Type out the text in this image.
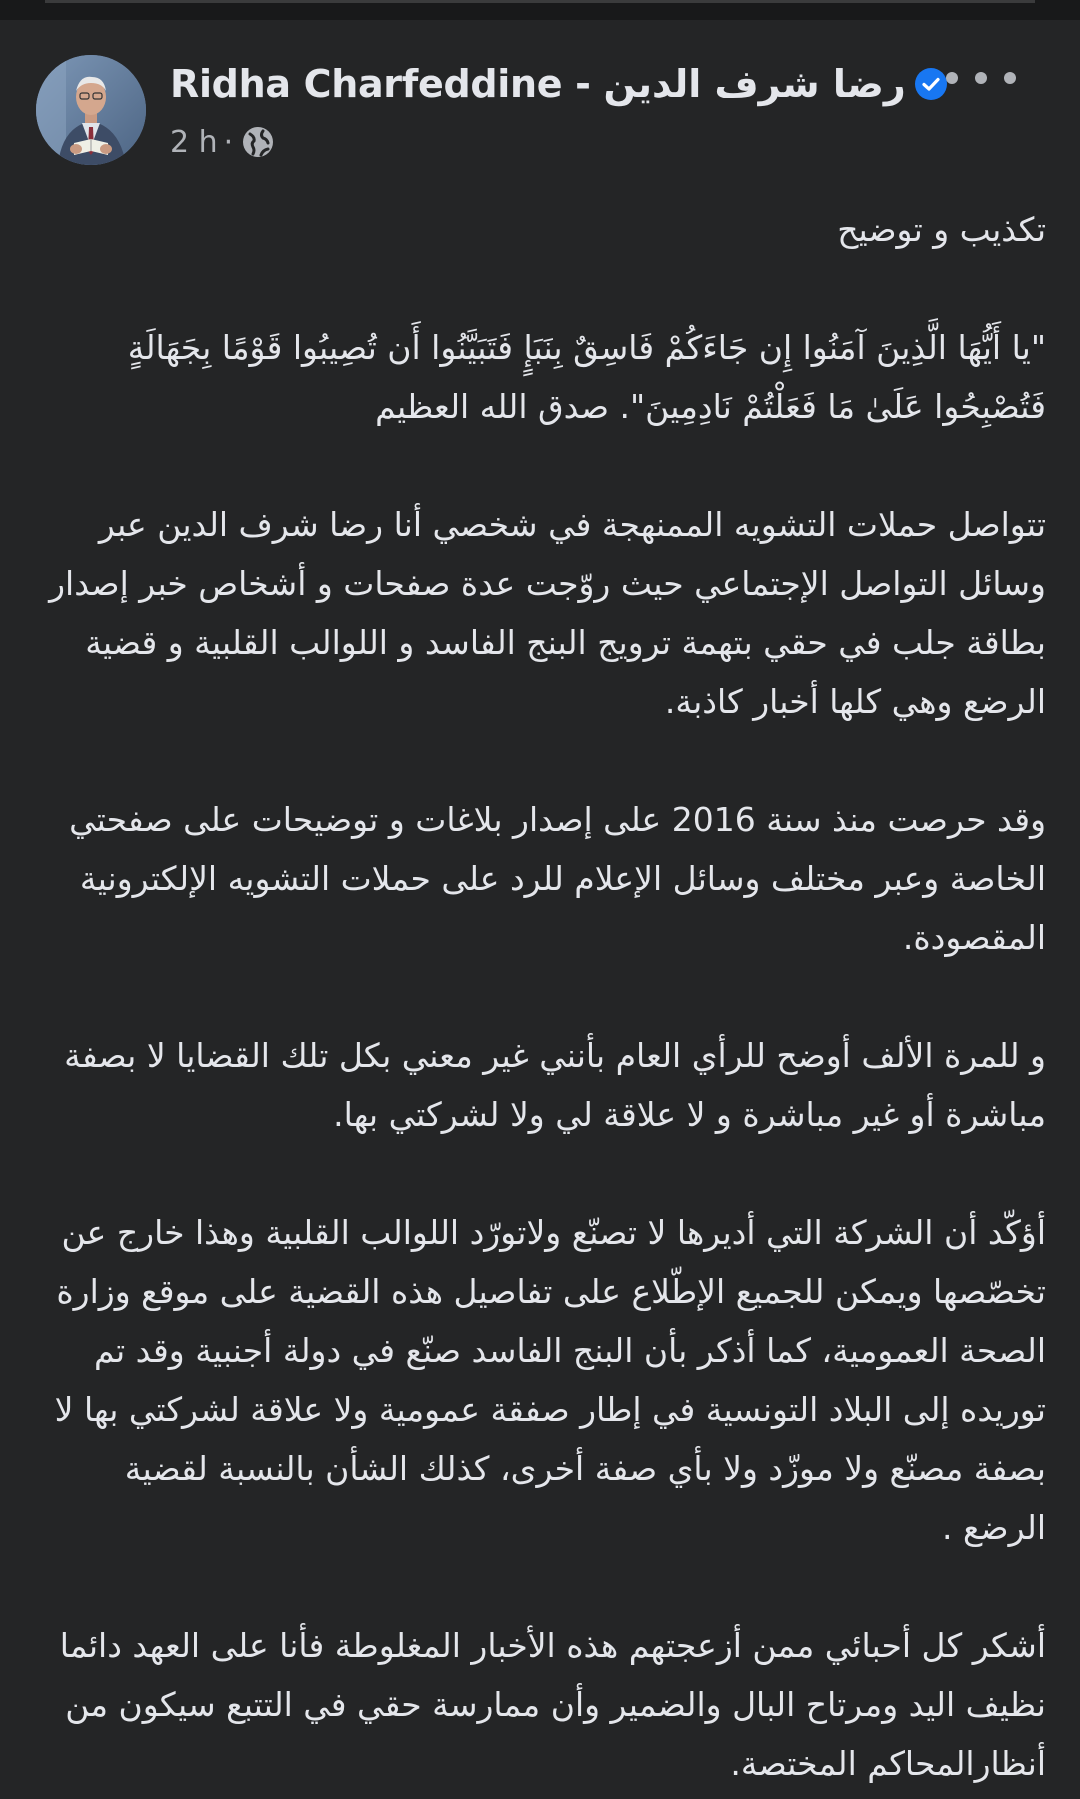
Ridha Charfeddine - رضا شرف الدين
2 h ·

تكذيب و توضيح

"يا أَيُّهَا الَّذِينَ آمَنُوا إِن جَاءَكُمْ فَاسِقٌ بِنَبَإٍ فَتَبَيَّنُوا أَن تُصِيبُوا قَوْمًا بِجَهَالَةٍ فَتُصْبِحُوا عَلَىٰ مَا فَعَلْتُمْ نَادِمِينَ". صدق الله العظيم

تتواصل حملات التشويه الممنهجة في شخصي أنا رضا شرف الدين عبر وسائل التواصل الإجتماعي حيث روّجت عدة صفحات و أشخاص خبر إصدار بطاقة جلب في حقي بتهمة ترويج البنج الفاسد و اللوالب القلبية و قضية الرضع وهي كلها أخبار كاذبة.

وقد حرصت منذ سنة 2016 على إصدار بلاغات و توضيحات على صفحتي الخاصة وعبر مختلف وسائل الإعلام للرد على حملات التشويه الإلكترونية المقصودة.

و للمرة الألف أوضح للرأي العام بأنني غير معني بكل تلك القضايا لا بصفة مباشرة أو غير مباشرة و لا علاقة لي ولا لشركتي بها.

أؤكّد أن الشركة التي أديرها لا تصنّع ولاتورّد اللوالب القلبية وهذا خارج عن تخصّصها ويمكن للجميع الإطّلاع على تفاصيل هذه القضية على موقع وزارة الصحة العمومية، كما أذكر بأن البنج الفاسد صنّع في دولة أجنبية وقد تم توريده إلى البلاد التونسية في إطار صفقة عمومية ولا علاقة لشركتي بها لا بصفة مصنّع ولا موزّد ولا بأي صفة أخرى، كذلك الشأن بالنسبة لقضية الرضع .

أشكر كل أحبائي ممن أزعجتهم هذه الأخبار المغلوطة فأنا على العهد دائما نظيف اليد ومرتاح البال والضمير وأن ممارسة حقي في التتبع سيكون من أنظارالمحاكم المختصة.
